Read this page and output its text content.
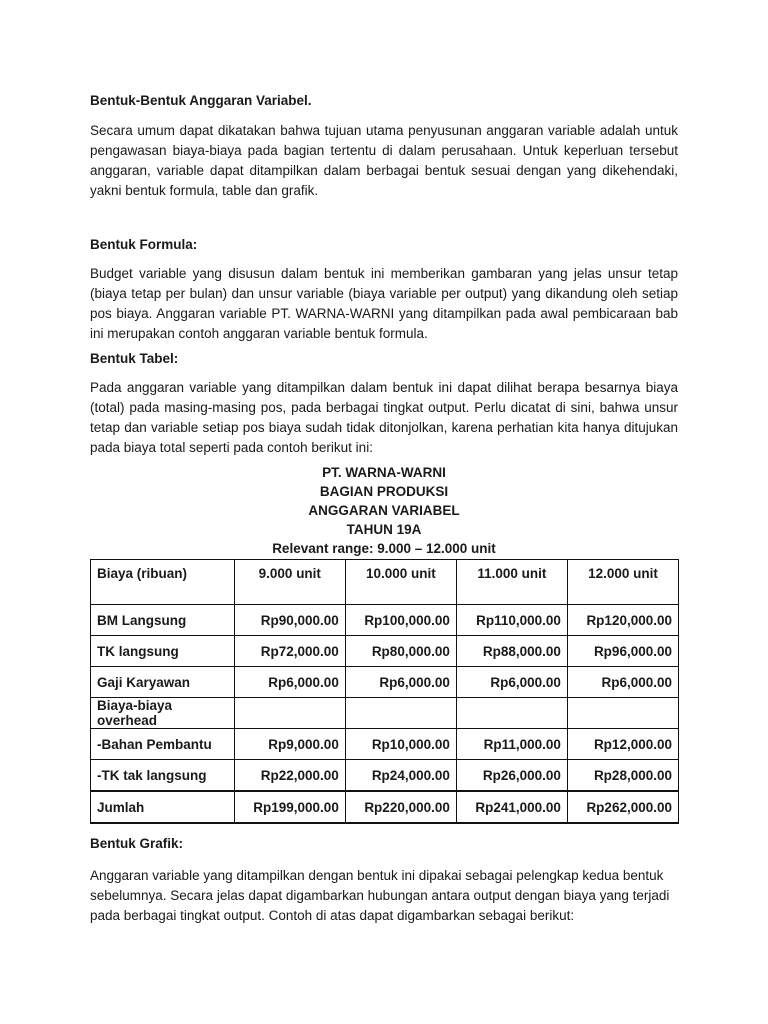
Bentuk-Bentuk Anggaran Variabel.

Secara umum dapat dikatakan bahwa tujuan utama penyusunan anggaran variable adalah untuk pengawasan biaya-biaya pada bagian tertentu di dalam perusahaan. Untuk keperluan tersebut anggaran, variable dapat ditampilkan dalam berbagai bentuk sesuai dengan yang dikehendaki, yakni bentuk formula, table dan grafik.

Bentuk Formula:

Budget variable yang disusun dalam bentuk ini memberikan gambaran yang jelas unsur tetap (biaya tetap per bulan) dan unsur variable (biaya variable per output) yang dikandung oleh setiap pos biaya. Anggaran variable PT. WARNA-WARNI yang ditampilkan pada awal pembicaraan bab ini merupakan contoh anggaran variable bentuk formula.

Bentuk Tabel:

Pada anggaran variable yang ditampilkan dalam bentuk ini dapat dilihat berapa besarnya biaya (total) pada masing-masing pos, pada berbagai tingkat output. Perlu dicatat di sini, bahwa unsur tetap dan variable setiap pos biaya sudah tidak ditonjolkan, karena perhatian kita hanya ditujukan pada biaya total seperti pada contoh berikut ini:

PT. WARNA-WARNI

BAGIAN PRODUKSI

ANGGARAN VARIABEL

TAHUN 19A

Relevant range: 9.000 – 12.000 unit

Biaya (ribuan)	9.000 unit	10.000 unit	11.000 unit	12.000 unit
BM Langsung	Rp90,000.00	Rp100,000.00	Rp110,000.00	Rp120,000.00
TK langsung	Rp72,000.00	Rp80,000.00	Rp88,000.00	Rp96,000.00
Gaji Karyawan	Rp6,000.00	Rp6,000.00	Rp6,000.00	Rp6,000.00
Biaya-biaya overhead				
-Bahan Pembantu	Rp9,000.00	Rp10,000.00	Rp11,000.00	Rp12,000.00
-TK tak langsung	Rp22,000.00	Rp24,000.00	Rp26,000.00	Rp28,000.00
Jumlah	Rp199,000.00	Rp220,000.00	Rp241,000.00	Rp262,000.00

Bentuk Grafik:

Anggaran variable yang ditampilkan dengan bentuk ini dipakai sebagai pelengkap kedua bentuk sebelumnya. Secara jelas dapat digambarkan hubungan antara output dengan biaya yang terjadi pada berbagai tingkat output. Contoh di atas dapat digambarkan sebagai berikut:
